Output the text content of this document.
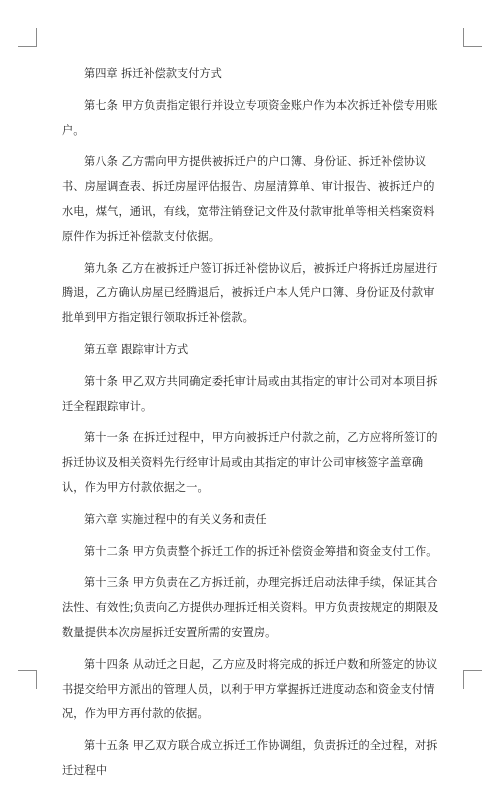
第四章 拆迁补偿款支付方式

第七条 甲方负责指定银行并设立专项资金账户作为本次拆迁补偿专用账户。

第八条 乙方需向甲方提供被拆迁户的户口簿、身份证、拆迁补偿协议书、房屋调查表、拆迁房屋评估报告、房屋清算单、审计报告、被拆迁户的水电，煤气，通讯，有线，宽带注销登记文件及付款审批单等相关档案资料原件作为拆迁补偿款支付依据。

第九条 乙方在被拆迁户签订拆迁补偿协议后，被拆迁户将拆迁房屋进行腾退，乙方确认房屋已经腾退后，被拆迁户本人凭户口簿、身份证及付款审批单到甲方指定银行领取拆迁补偿款。

第五章 跟踪审计方式

第十条 甲乙双方共同确定委托审计局或由其指定的审计公司对本项目拆迁全程跟踪审计。

第十一条 在拆迁过程中，甲方向被拆迁户付款之前，乙方应将所签订的拆迁协议及相关资料先行经审计局或由其指定的审计公司审核签字盖章确认，作为甲方付款依据之一。

第六章 实施过程中的有关义务和责任

第十二条 甲方负责整个拆迁工作的拆迁补偿资金筹措和资金支付工作。

第十三条 甲方负责在乙方拆迁前，办理完拆迁启动法律手续，保证其合法性、有效性;负责向乙方提供办理拆迁相关资料。甲方负责按规定的期限及数量提供本次房屋拆迁安置所需的安置房。

第十四条 从动迁之日起，乙方应及时将完成的拆迁户数和所签定的协议书提交给甲方派出的管理人员，以利于甲方掌握拆迁进度动态和资金支付情况，作为甲方再付款的依据。

第十五条 甲乙双方联合成立拆迁工作协调组，负责拆迁的全过程，对拆迁过程中
